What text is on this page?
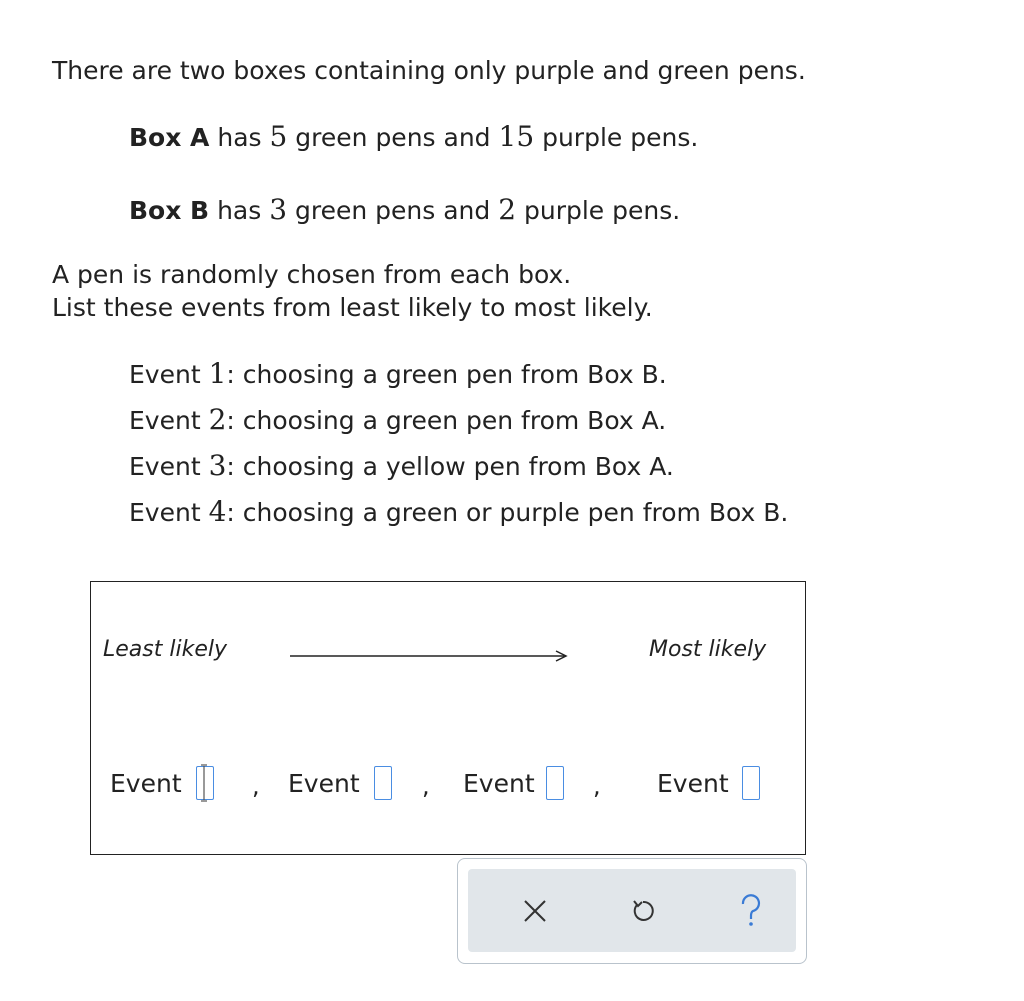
There are two boxes containing only purple and green pens.
Box A has 5 green pens and 15 purple pens.
Box B has 3 green pens and 2 purple pens.
A pen is randomly chosen from each box.
List these events from least likely to most likely.
Event 1: choosing a green pen from Box B.
Event 2: choosing a green pen from Box A.
Event 3: choosing a yellow pen from Box A.
Event 4: choosing a green or purple pen from Box B.
Least likely	Most likely
Event	, Event	, Event , Event
